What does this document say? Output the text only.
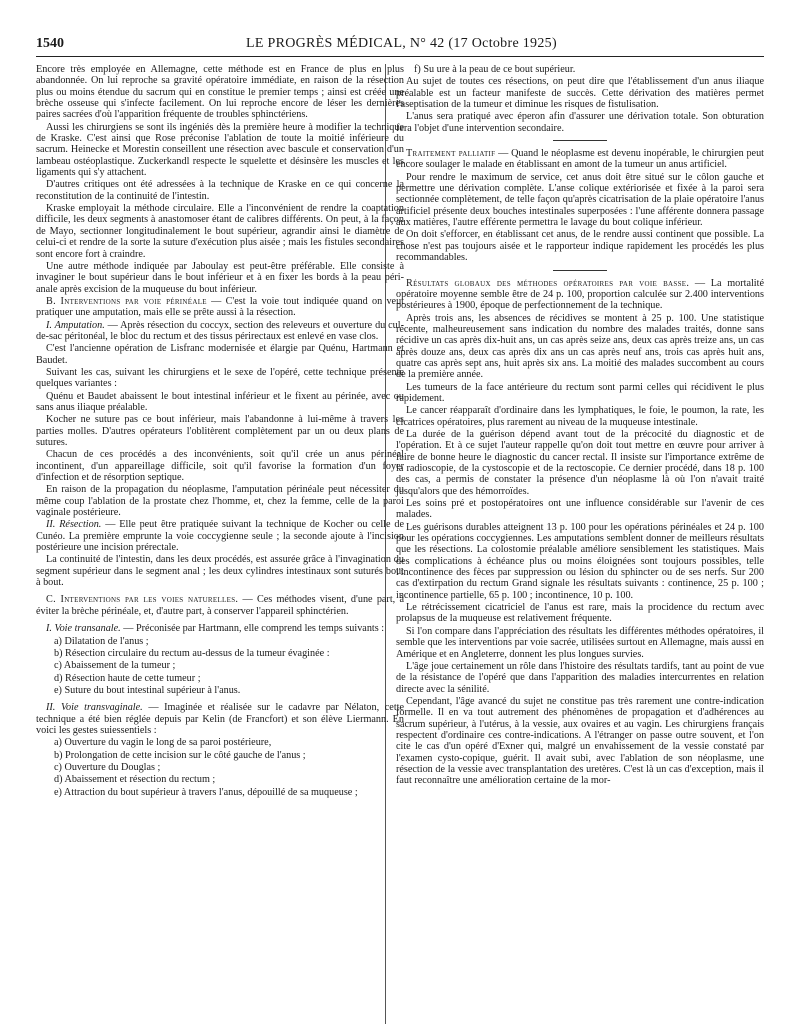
1540	LE PROGRÈS MÉDICAL, N° 42 (17 Octobre 1925)

Encore très employée en Allemagne, cette méthode est en France de plus en plus abandonnée. On lui reproche sa gravité opératoire immédiate, en raison de la résection plus ou moins étendue du sacrum qui en constitue le premier temps ; ainsi est créée une brèche osseuse qui s'infecte facilement. On lui reproche encore de léser les dernières paires sacrées d'où l'apparition fréquente de troubles sphinctériens.

Aussi les chirurgiens se sont ils ingéniés dès la première heure à modifier la technique de Kraske. C'est ainsi que Rose préconise l'ablation de toute la moitié inférieure du sacrum. Heinecke et Morestin conseillent une résection avec bascule et conservation d'un lambeau ostéoplastique. Zuckerkandl respecte le squelette et désinsère les muscles et les ligaments qui s'y attachent.

D'autres critiques ont été adressées à la technique de Kraske en ce qui concerne la reconstitution de la continuité de l'intestin.

Kraske employait la méthode circulaire. Elle a l'inconvénient de rendre la coaptation difficile, les deux segments à anastomoser étant de calibres différents. On peut, à la façon de Mayo, sectionner longitudinalement le bout supérieur, agrandir ainsi le diamètre de celui-ci et rendre de la sorte la suture d'exécution plus aisée ; mais les fistules secondaires sont encore fort à craindre.

Une autre méthode indiquée par Jaboulay est peut-être préférable. Elle consiste à invaginer le bout supérieur dans le bout inférieur et à en fixer les bords à la peau péri-anale après excision de la muqueuse du bout inférieur.

B. Interventions par voie périnéale — C'est la voie tout indiquée quand on veut pratiquer une amputation, mais elle se prête aussi à la résection.

I. Amputation. — Après résection du coccyx, section des releveurs et ouverture du cul-de-sac péritonéal, le bloc du rectum et des tissus périrectaux est enlevé en vase clos.

C'est l'ancienne opération de Lisfranc modernisée et élargie par Quénu, Hartmann et Baudet.

Suivant les cas, suivant les chirurgiens et le sexe de l'opéré, cette technique présente quelques variantes :

Quénu et Baudet abaissent le bout intestinal inférieur et le fixent au périnée, avec ou sans anus iliaque préalable.

Kocher ne suture pas ce bout inférieur, mais l'abandonne à lui-même à travers les parties molles. D'autres opérateurs l'oblitèrent complètement par un ou deux plans de sutures.

Chacun de ces procédés a des inconvénients, soit qu'il crée un anus périnéal incontinent, d'un appareillage difficile, soit qu'il favorise la formation d'un foyer d'infection et de résorption septique.

En raison de la propagation du néoplasme, l'amputation périnéale peut nécessiter du même coup l'ablation de la prostate chez l'homme, et, chez la femme, celle de la paroi vaginale postérieure.

II. Résection. — Elle peut être pratiquée suivant la technique de Kocher ou celle de Cunéo. La première emprunte la voie coccygienne seule ; la seconde ajoute à l'incision postérieure une incision prérectale.

La continuité de l'intestin, dans les deux procédés, est assurée grâce à l'invagination du segment supérieur dans le segment anal ; les deux cylindres intestinaux sont suturés bout à bout.

C. Interventions par les voies naturelles. — Ces méthodes visent, d'une part, à éviter la brèche périnéale, et, d'autre part, à conserver l'appareil sphinctérien.

I. Voie transanale. — Préconisée par Hartmann, elle comprend les temps suivants :

a) Dilatation de l'anus ;

b) Résection circulaire du rectum au-dessus de la tumeur évaginée :

c) Abaissement de la tumeur ;

d) Résection haute de cette tumeur ;

e) Suture du bout intestinal supérieur à l'anus.

II. Voie transvaginale. — Imaginée et réalisée sur le cadavre par Nélaton, cette technique a été bien réglée depuis par Kelin (de Francfort) et son élève Liermann. En voici les gestes suiessentiels :

a) Ouverture du vagin le long de sa paroi postérieure,

b) Prolongation de cette incision sur le côté gauche de l'anus ;

c) Ouverture du Douglas ;

d) Abaissement et résection du rectum ;

e) Attraction du bout supérieur à travers l'anus, dépouillé de sa muqueuse ;

f) Su ure à la peau de ce bout supérieur.

Au sujet de toutes ces résections, on peut dire que l'établissement d'un anus iliaque préalable est un facteur manifeste de succès. Cette dérivation des matières permet l'aseptisation de la tumeur et diminue les risques de fistulisation.

L'anus sera pratiqué avec éperon afin d'assurer une dérivation totale. Son obturation fera l'objet d'une intervention secondaire.

Traitement palliatif — Quand le néoplasme est devenu inopérable, le chirurgien peut encore soulager le malade en établissant en amont de la tumeur un anus artificiel.

Pour rendre le maximum de service, cet anus doit être situé sur le côlon gauche et permettre une dérivation complète. L'anse colique extériorisée et fixée à la paroi sera sectionnée complètement, de telle façon qu'après cicatrisation de la plaie opératoire l'anus artificiel présente deux bouches intestinales superposées : l'une afférente donnera passage aux matières, l'autre efférente permettra le lavage du bout colique inférieur.

On doit s'efforcer, en établissant cet anus, de le rendre aussi continent que possible. La chose n'est pas toujours aisée et le rapporteur indique rapidement les procédés les plus recommandables.

Résultats globaux des méthodes opératoires par voie basse. — La mortalité opératoire moyenne semble être de 24 p. 100, proportion calculée sur 2.400 interventions postérieures à 1900, époque de perfectionnement de la technique.

Après trois ans, les absences de récidives se montent à 25 p. 100. Une statistique récente, malheureusement sans indication du nombre des malades traités, donne sans récidive un cas après dix-huit ans, un cas après seize ans, deux cas après treize ans, un cas après douze ans, deux cas après dix ans un cas après neuf ans, trois cas après huit ans, quatre cas après sept ans, huit après six ans. La moitié des malades succombent au cours de la première année.

Les tumeurs de la face antérieure du rectum sont parmi celles qui récidivent le plus rapidement.

Le cancer réapparaît d'ordinaire dans les lymphatiques, le foie, le poumon, la rate, les cicatrices opératoires, plus rarement au niveau de la muqueuse intestinale.

La durée de la guérison dépend avant tout de la précocité du diagnostic et de l'opération. Et à ce sujet l'auteur rappelle qu'on doit tout mettre en œuvre pour arriver à faire de bonne heure le diagnostic du cancer rectal. Il insiste sur l'importance extrême de la radioscopie, de la cystoscopie et de la rectoscopie. Ce dernier procédé, dans 18 p. 100 des cas, a permis de constater la présence d'un néoplasme là où l'on n'avait traité jusqu'alors que des hémorroïdes.

Les soins pré et postopératoires ont une influence considérable sur l'avenir de ces malades.

Les guérisons durables atteignent 13 p. 100 pour les opérations périnéales et 24 p. 100 pour les opérations coccygiennes. Les amputations semblent donner de meilleurs résultats que les résections. La colostomie préalable améliore sensiblement les statistiques. Mais des complications à échéance plus ou moins éloignées sont toujours possibles, telle l'incontinence des fèces par suppression ou lésion du sphincter ou de ses nerfs. Sur 200 cas d'extirpation du rectum Grand signale les résultats suivants : continence, 25 p. 100 ; incontinence partielle, 65 p. 100 ; incontinence, 10 p. 100.

Le rétrécissement cicatriciel de l'anus est rare, mais la procidence du rectum avec prolapsus de la muqueuse est relativement fréquente.

Si l'on compare dans l'appréciation des résultats les différentes méthodes opératoires, il semble que les interventions par voie sacrée, utilisées surtout en Allemagne, mais aussi en Amérique et en Angleterre, donnent les plus longues survies.

L'âge joue certainement un rôle dans l'histoire des résultats tardifs, tant au point de vue de la résistance de l'opéré que dans l'apparition des maladies intercurrentes en relation directe avec la sénilité.

Cependant, l'âge avancé du sujet ne constitue pas très rarement une contre-indication formelle. Il en va tout autrement des phénomènes de propagation et d'adhérences au sacrum supérieur, à l'utérus, à la vessie, aux ovaires et au vagin. Les chirurgiens français respectent d'ordinaire ces contre-indications. A l'étranger on passe outre souvent, et l'on cite le cas d'un opéré d'Exner qui, malgré un envahissement de la vessie constaté par l'examen cysto-copique, guérit. Il avait subi, avec l'ablation de son néoplasme, une résection de la vessie avec transplantation des uretères. C'est là un cas d'exception, mais il faut reconnaître une amélioration certaine de la mor-
